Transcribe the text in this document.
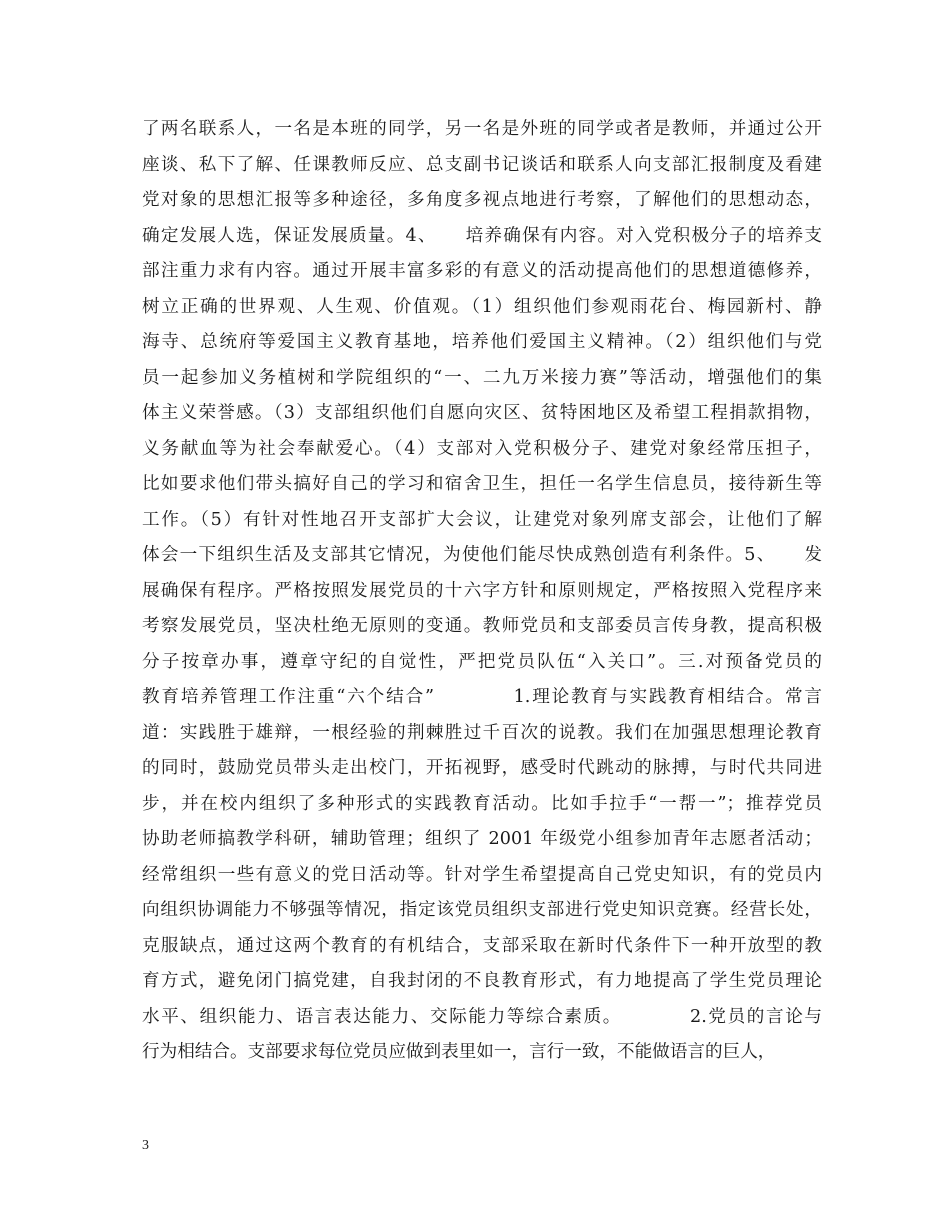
了两名联系人，一名是本班的同学，另一名是外班的同学或者是教师，并通过公开
座谈、私下了解、任课教师反应、总支副书记谈话和联系人向支部汇报制度及看建
党对象的思想汇报等多种途径，多角度多视点地进行考察，了解他们的思想动态，
确定发展人选，保证发展质量。4、　　培养确保有内容。对入党积极分子的培养支
部注重力求有内容。通过开展丰富多彩的有意义的活动提高他们的思想道德修养，
树立正确的世界观、人生观、价值观。（1）组织他们参观雨花台、梅园新村、静
海寺、总统府等爱国主义教育基地，培养他们爱国主义精神。（2）组织他们与党
员一起参加义务植树和学院组织的“一、二九万米接力赛”等活动，增强他们的集
体主义荣誉感。（3）支部组织他们自愿向灾区、贫特困地区及希望工程捐款捐物，
义务献血等为社会奉献爱心。（4）支部对入党积极分子、建党对象经常压担子，
比如要求他们带头搞好自己的学习和宿舍卫生，担任一名学生信息员，接待新生等
工作。（5）有针对性地召开支部扩大会议，让建党对象列席支部会，让他们了解
体会一下组织生活及支部其它情况，为使他们能尽快成熟创造有利条件。5、　　发
展确保有程序。严格按照发展党员的十六字方针和原则规定，严格按照入党程序来
考察发展党员，坚决杜绝无原则的变通。教师党员和支部委员言传身教，提高积极
分子按章办事，遵章守纪的自觉性，严把党员队伍“入关口”。三.对预备党员的
教育培养管理工作注重“六个结合”　　　　1.理论教育与实践教育相结合。常言
道：实践胜于雄辩，一根经验的荆棘胜过千百次的说教。我们在加强思想理论教育
的同时，鼓励党员带头走出校门，开拓视野，感受时代跳动的脉搏，与时代共同进
步，并在校内组织了多种形式的实践教育活动。比如手拉手“一帮一”；推荐党员
协助老师搞教学科研，辅助管理；组织了 2001 年级党小组参加青年志愿者活动；
经常组织一些有意义的党日活动等。针对学生希望提高自己党史知识，有的党员内
向组织协调能力不够强等情况，指定该党员组织支部进行党史知识竞赛。经营长处，
克服缺点，通过这两个教育的有机结合，支部采取在新时代条件下一种开放型的教
育方式，避免闭门搞党建，自我封闭的不良教育形式，有力地提高了学生党员理论
水平、组织能力、语言表达能力、交际能力等综合素质。　　　　2.党员的言论与
行为相结合。支部要求每位党员应做到表里如一，言行一致，不能做语言的巨人，
3
